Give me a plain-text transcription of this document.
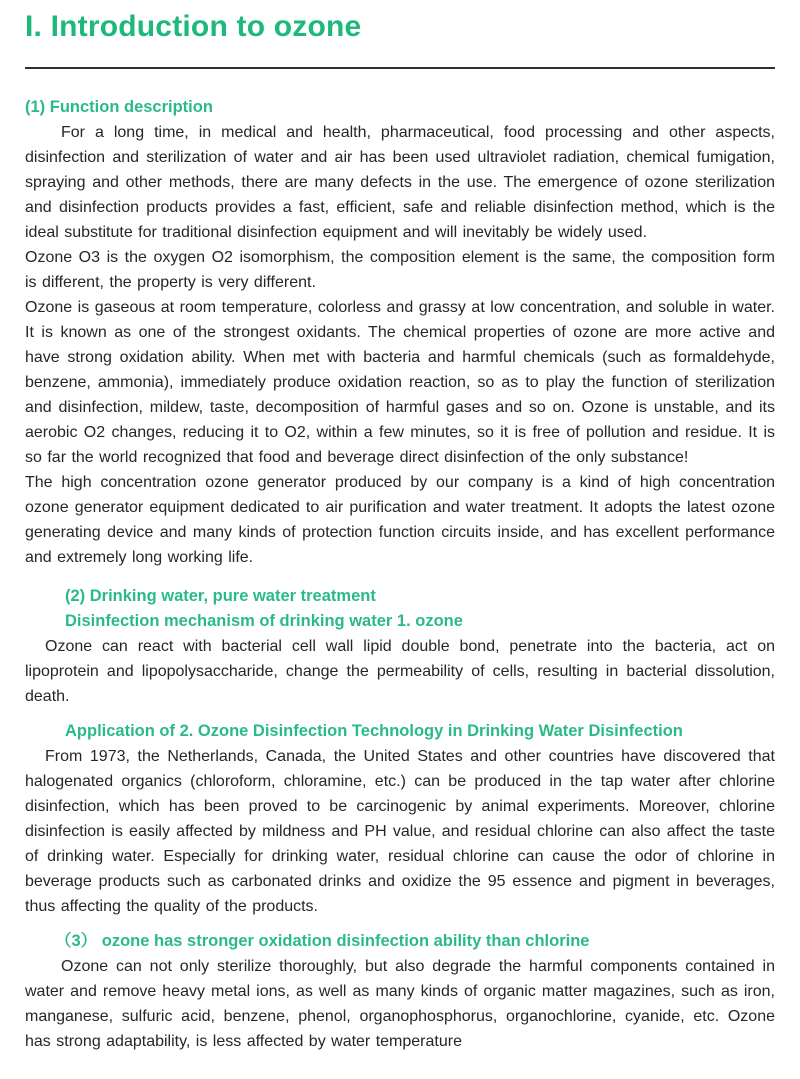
I. Introduction to ozone

(1) Function description

For a long time, in medical and health, pharmaceutical, food processing and other aspects, disinfection and sterilization of water and air has been used ultraviolet radiation, chemical fumigation, spraying and other methods, there are many defects in the use. The emergence of ozone sterilization and disinfection products provides a fast, efficient, safe and reliable disinfection method, which is the ideal substitute for traditional disinfection equipment and will inevitably be widely used.

Ozone O3 is the oxygen O2 isomorphism, the composition element is the same, the composition form is different, the property is very different.

Ozone is gaseous at room temperature, colorless and grassy at low concentration, and soluble in water. It is known as one of the strongest oxidants. The chemical properties of ozone are more active and have strong oxidation ability. When met with bacteria and harmful chemicals (such as formaldehyde, benzene, ammonia), immediately produce oxidation reaction, so as to play the function of sterilization and disinfection, mildew, taste, decomposition of harmful gases and so on. Ozone is unstable, and its aerobic O2 changes, reducing it to O2, within a few minutes, so it is free of pollution and residue. It is so far the world recognized that food and beverage direct disinfection of the only substance!

The high concentration ozone generator produced by our company is a kind of high concentration ozone generator equipment dedicated to air purification and water treatment. It adopts the latest ozone generating device and many kinds of protection function circuits inside, and has excellent performance and extremely long working life.

(2) Drinking water, pure water treatment

Disinfection mechanism of drinking water 1. ozone

Ozone can react with bacterial cell wall lipid double bond, penetrate into the bacteria, act on lipoprotein and lipopolysaccharide, change the permeability of cells, resulting in bacterial dissolution, death.

Application of 2. Ozone Disinfection Technology in Drinking Water Disinfection

From 1973, the Netherlands, Canada, the United States and other countries have discovered that halogenated organics (chloroform, chloramine, etc.) can be produced in the tap water after chlorine disinfection, which has been proved to be carcinogenic by animal experiments. Moreover, chlorine disinfection is easily affected by mildness and PH value, and residual chlorine can also affect the taste of drinking water. Especially for drinking water, residual chlorine can cause the odor of chlorine in beverage products such as carbonated drinks and oxidize the 95 essence and pigment in beverages, thus affecting the quality of the products.

（3） ozone has stronger oxidation disinfection ability than chlorine

Ozone can not only sterilize thoroughly, but also degrade the harmful components contained in water and remove heavy metal ions, as well as many kinds of organic matter magazines, such as iron, manganese, sulfuric acid, benzene, phenol, organophosphorus, organochlorine, cyanide, etc. Ozone has strong adaptability, is less affected by water temperature
